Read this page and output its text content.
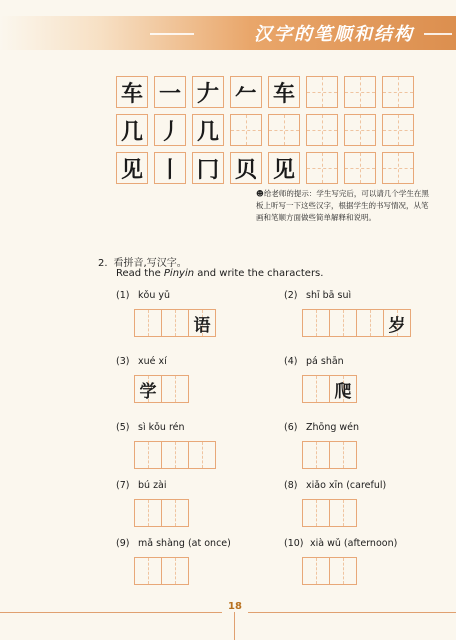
汉字的笔顺和结构
车 一 𠂇 𠂉 车
几 丿 几
见 丨 冂 贝 见
☻给老师的提示：学生写完后，可以请几个学生在黑板上听写一下这些汉字，根据学生的书写情况，从笔画和笔顺方面做些简单解释和说明。
2. 看拼音,写汉字。
Read the Pinyin and write the characters.
(1) kǒu yǔ
语
(2) shī bā suì
岁
(3) xué xí
学
(4) pá shān
爬
(5) sì kǒu rén	(6) Zhōng wén
(7) bú zài	(8) xiǎo xīn (careful)
(9) mǎ shàng (at once)	(10) xià wǔ (afternoon)
18
